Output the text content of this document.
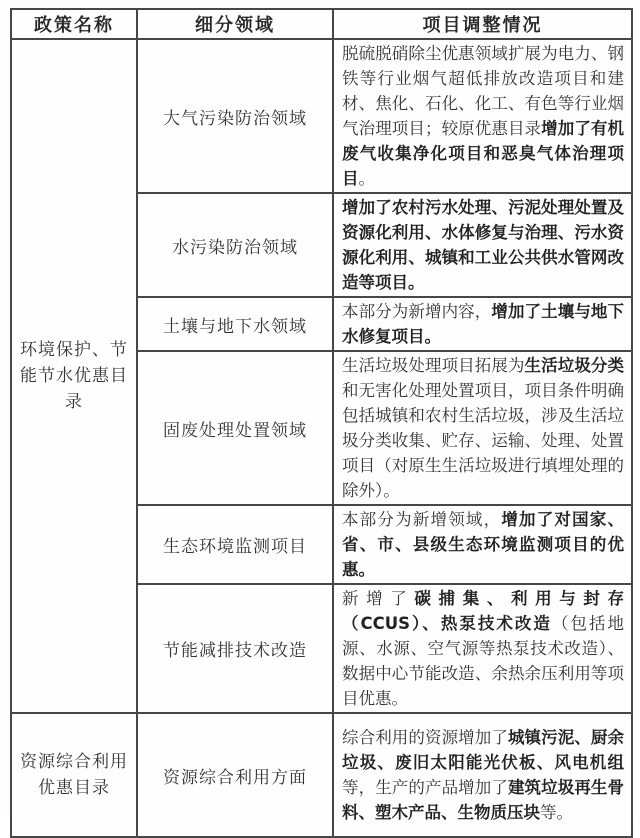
政策名称	细分领域	项目调整情况
环境保护、节能节水优惠目录	大气污染防治领域	脱硫脱硝除尘优惠领域扩展为电力、钢铁等行业烟气超低排放改造项目和建材、焦化、石化、化工、有色等行业烟气治理项目；较原优惠目录增加了有机废气收集净化项目和恶臭气体治理项目。
	水污染防治领域	增加了农村污水处理、污泥处理处置及资源化利用、水体修复与治理、污水资源化利用、城镇和工业公共供水管网改造等项目。
	土壤与地下水领域	本部分为新增内容，增加了土壤与地下水修复项目。
	固废处理处置领域	生活垃圾处理项目拓展为生活垃圾分类和无害化处理处置项目，项目条件明确包括城镇和农村生活垃圾，涉及生活垃圾分类收集、贮存、运输、处理、处置项目（对原生生活垃圾进行填埋处理的除外）。
	生态环境监测项目	本部分为新增领域，增加了对国家、省、市、县级生态环境监测项目的优惠。
	节能减排技术改造	新增了碳捕集、利用与封存（CCUS）、热泵技术改造（包括地源、水源、空气源等热泵技术改造）、数据中心节能改造、余热余压利用等项目优惠。
资源综合利用优惠目录	资源综合利用方面	综合利用的资源增加了城镇污泥、厨余垃圾、废旧太阳能光伏板、风电机组等，生产的产品增加了建筑垃圾再生骨料、塑木产品、生物质压块等。
